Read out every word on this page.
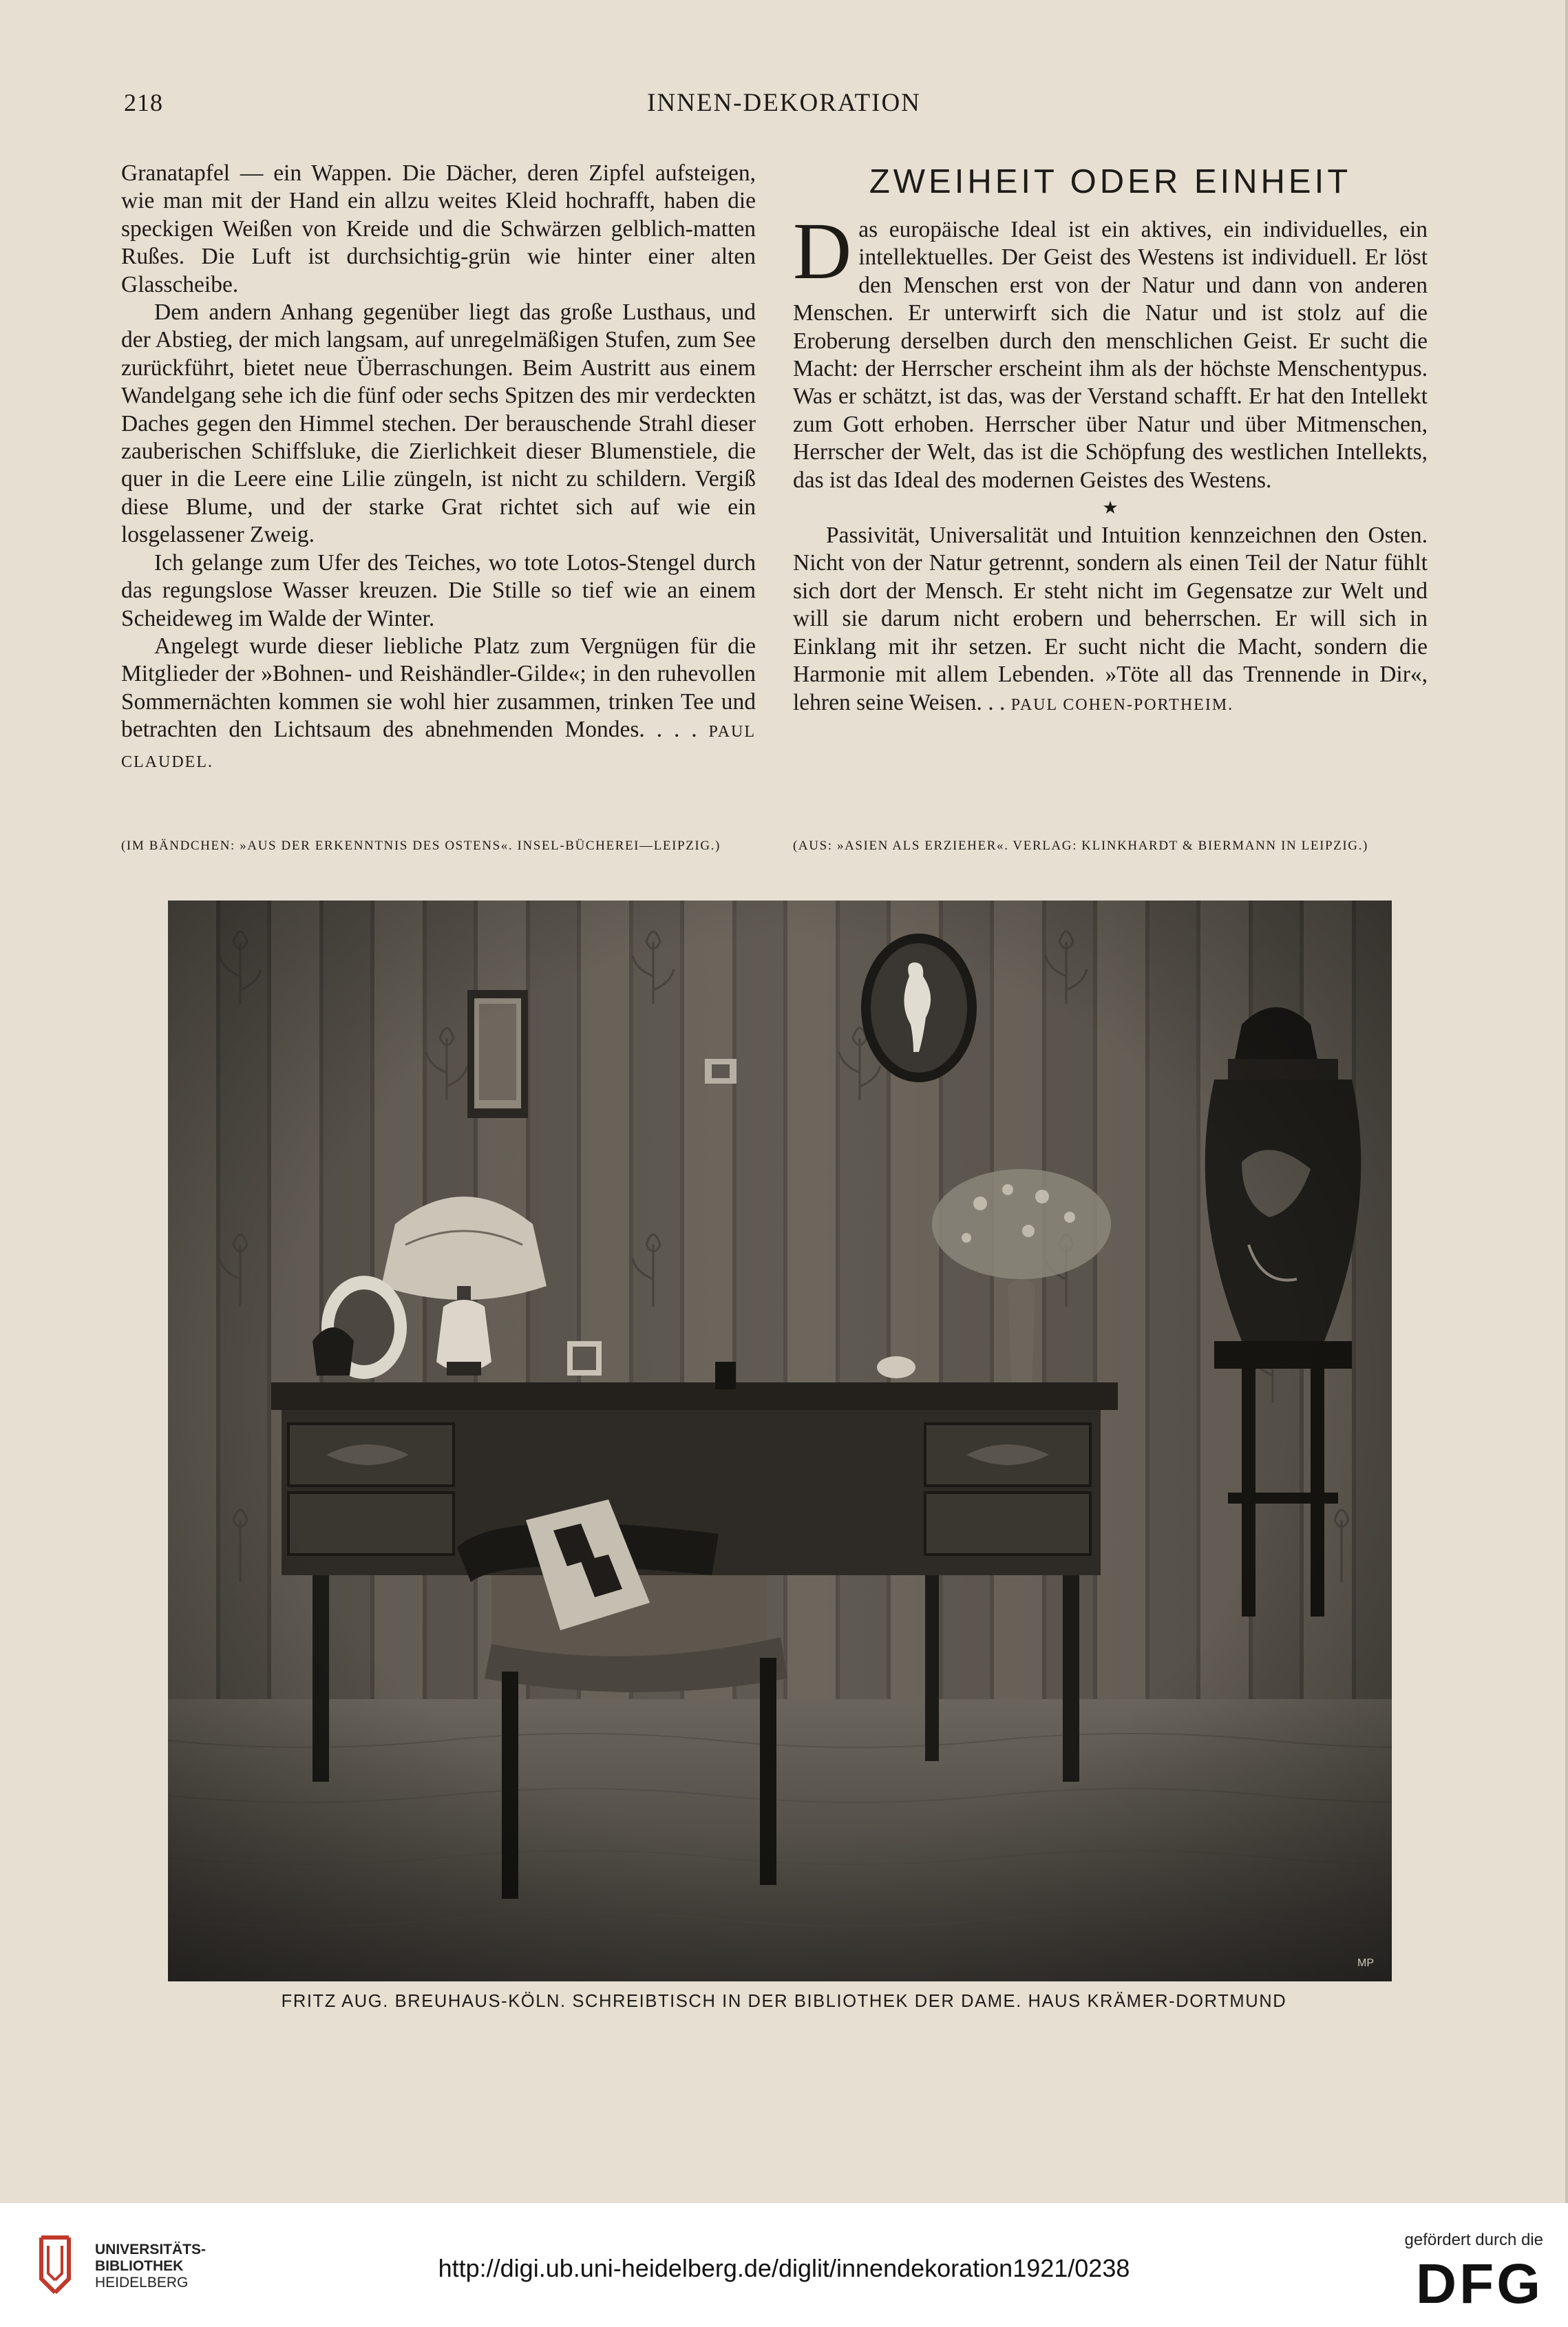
218	INNEN-DEKORATION

Granatapfel — ein Wappen. Die Dächer, deren Zipfel aufsteigen, wie man mit der Hand ein allzu weites Kleid hochrafft, haben die speckigen Weißen von Kreide und die Schwärzen gelblich-matten Rußes. Die Luft ist durchsichtig-grün wie hinter einer alten Glasscheibe.

Dem andern Anhang gegenüber liegt das große Lusthaus, und der Abstieg, der mich langsam, auf unregelmäßigen Stufen, zum See zurückführt, bietet neue Überraschungen. Beim Austritt aus einem Wandelgang sehe ich die fünf oder sechs Spitzen des mir verdeckten Daches gegen den Himmel stechen. Der berauschende Strahl dieser zauberischen Schiffsluke, die Zierlichkeit dieser Blumenstiele, die quer in die Leere eine Lilie züngeln, ist nicht zu schildern. Vergiß diese Blume, und der starke Grat richtet sich auf wie ein losgelassener Zweig.

Ich gelange zum Ufer des Teiches, wo tote Lotos-Stengel durch das regungslose Wasser kreuzen. Die Stille so tief wie an einem Scheideweg im Walde der Winter.

Angelegt wurde dieser liebliche Platz zum Vergnügen für die Mitglieder der »Bohnen- und Reishändler-Gilde«; in den ruhevollen Sommernächten kommen sie wohl hier zusammen, trinken Tee und betrachten den Lichtsaum des abnehmenden Mondes. . . . PAUL CLAUDEL.

(IM BÄNDCHEN: »AUS DER ERKENNTNIS DES OSTENS«. INSEL-BÜCHEREI—LEIPZIG.)
ZWEIHEIT ODER EINHEIT

Das europäische Ideal ist ein aktives, ein individuelles, ein intellektuelles. Der Geist des Westens ist individuell. Er löst den Menschen erst von der Natur und dann von anderen Menschen. Er unterwirft sich die Natur und ist stolz auf die Eroberung derselben durch den menschlichen Geist. Er sucht die Macht: der Herrscher erscheint ihm als der höchste Menschentypus. Was er schätzt, ist das, was der Verstand schafft. Er hat den Intellekt zum Gott erhoben. Herrscher über Natur und über Mitmenschen, Herrscher der Welt, das ist die Schöpfung des westlichen Intellekts, das ist das Ideal des modernen Geistes des Westens.

★

Passivität, Universalität und Intuition kennzeichnen den Osten. Nicht von der Natur getrennt, sondern als einen Teil der Natur fühlt sich dort der Mensch. Er steht nicht im Gegensatze zur Welt und will sie darum nicht erobern und beherrschen. Er will sich in Einklang mit ihr setzen. Er sucht nicht die Macht, sondern die Harmonie mit allem Lebenden. »Töte all das Trennende in Dir«, lehren seine Weisen. . . PAUL COHEN-PORTHEIM.

(AUS: »ASIEN ALS ERZIEHER«. VERLAG: KLINKHARDT & BIERMANN IN LEIPZIG.)
MP
FRITZ AUG. BREUHAUS-KÖLN. SCHREIBTISCH IN DER BIBLIOTHEK DER DAME. HAUS KRÄMER-DORTMUND
UNIVERSITÄTS-
BIBLIOTHEK
HEIDELBERG
http://digi.ub.uni-heidelberg.de/diglit/innendekoration1921/0238
gefördert durch die
DFG
